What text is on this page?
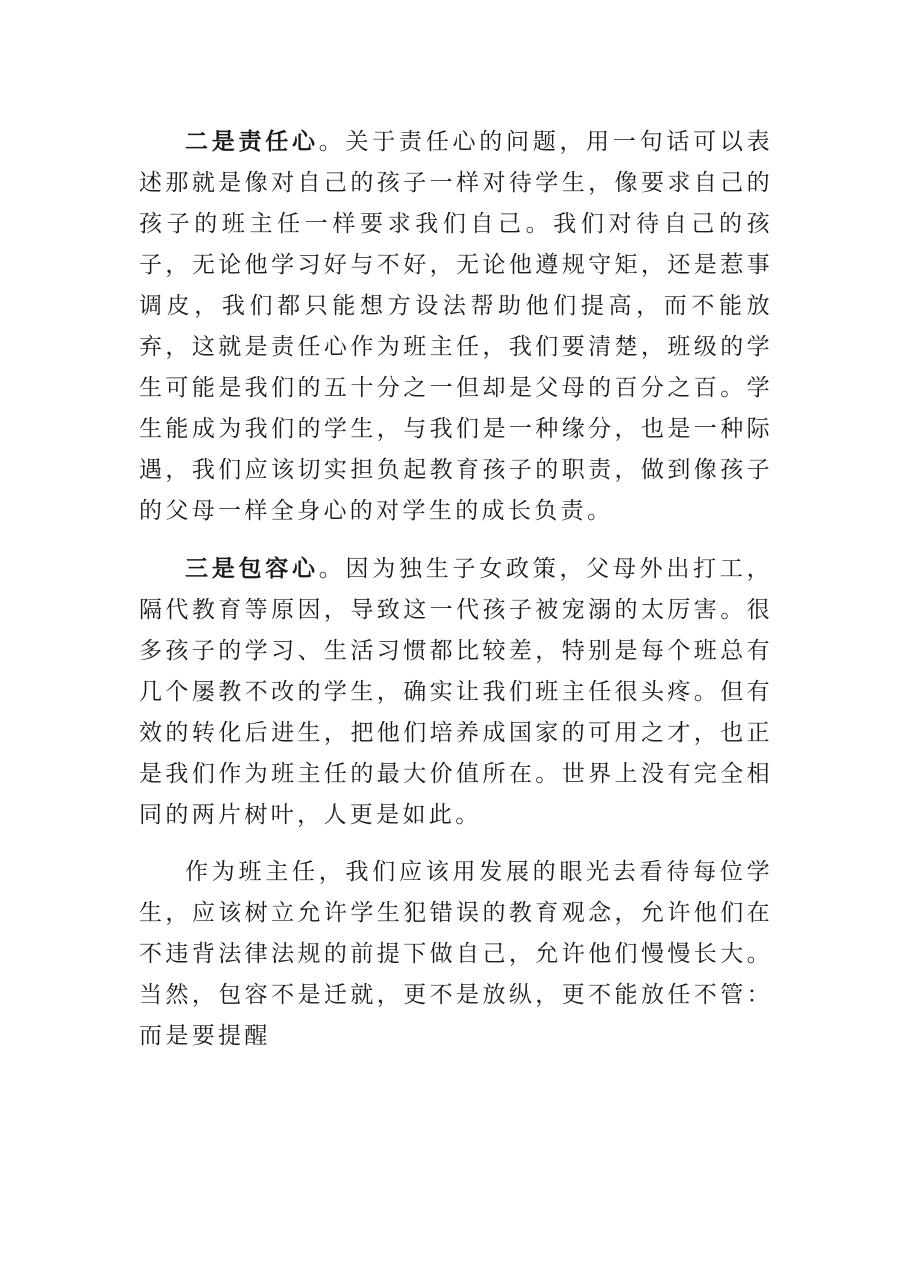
二是责任心。关于责任心的问题，用一句话可以表述那就是像对自己的孩子一样对待学生，像要求自己的孩子的班主任一样要求我们自己。我们对待自己的孩子，无论他学习好与不好，无论他遵规守矩，还是惹事调皮，我们都只能想方设法帮助他们提高，而不能放弃，这就是责任心作为班主任，我们要清楚，班级的学生可能是我们的五十分之一但却是父母的百分之百。学生能成为我们的学生，与我们是一种缘分，也是一种际遇，我们应该切实担负起教育孩子的职责，做到像孩子的父母一样全身心的对学生的成长负责。

三是包容心。因为独生子女政策，父母外出打工，隔代教育等原因，导致这一代孩子被宠溺的太厉害。很多孩子的学习、生活习惯都比较差，特别是每个班总有几个屡教不改的学生，确实让我们班主任很头疼。但有效的转化后进生，把他们培养成国家的可用之才，也正是我们作为班主任的最大价值所在。世界上没有完全相同的两片树叶，人更是如此。

作为班主任，我们应该用发展的眼光去看待每位学生，应该树立允许学生犯错误的教育观念，允许他们在不违背法律法规的前提下做自己，允许他们慢慢长大。当然，包容不是迁就，更不是放纵，更不能放任不管：而是要提醒
